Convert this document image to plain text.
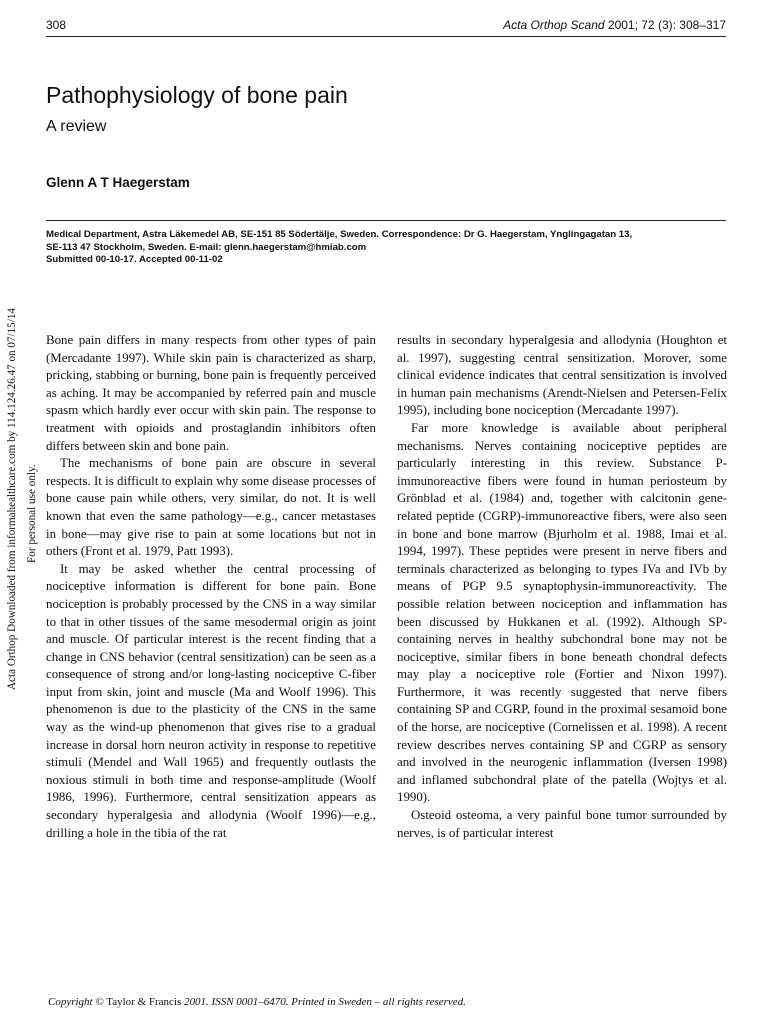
308	Acta Orthop Scand 2001; 72 (3): 308–317
Pathophysiology of bone pain
A review
Glenn A T Haegerstam
Medical Department, Astra Läkemedel AB, SE-151 85 Södertälje, Sweden. Correspondence: Dr G. Haegerstam, Ynglingagatan 13,
SE-113 47 Stockholm, Sweden. E-mail: glenn.haegerstam@hmiab.com
Submitted 00-10-17. Accepted 00-11-02
Acta Orthop Downloaded from informahealthcare.com by 114.124.26.47 on 07/15/14 For personal use only.

Bone pain differs in many respects from other types of pain (Mercadante 1997). While skin pain is characterized as sharp, pricking, stabbing or burning, bone pain is frequently perceived as aching. It may be accompanied by referred pain and muscle spasm which hardly ever occur with skin pain. The response to treatment with opioids and prostaglandin inhibitors often differs between skin and bone pain.

The mechanisms of bone pain are obscure in several respects. It is difficult to explain why some disease processes of bone cause pain while others, very similar, do not. It is well known that even the same pathology—e.g., cancer metastases in bone—may give rise to pain at some locations but not in others (Front et al. 1979, Patt 1993).

It may be asked whether the central processing of nociceptive information is different for bone pain. Bone nociception is probably processed by the CNS in a way similar to that in other tissues of the same mesodermal origin as joint and muscle. Of particular interest is the recent finding that a change in CNS behavior (central sensitization) can be seen as a consequence of strong and/or long-lasting nociceptive C-fiber input from skin, joint and muscle (Ma and Woolf 1996). This phenomenon is due to the plasticity of the CNS in the same way as the wind-up phenomenon that gives rise to a gradual increase in dorsal horn neuron activity in response to repetitive stimuli (Mendel and Wall 1965) and frequently outlasts the noxious stimuli in both time and response-amplitude (Woolf 1986, 1996). Furthermore, central sensitization appears as secondary hyperalgesia and allodynia (Woolf 1996)—e.g., drilling a hole in the tibia of the rat

results in secondary hyperalgesia and allodynia (Houghton et al. 1997), suggesting central sensitization. Morover, some clinical evidence indicates that central sensitization is involved in human pain mechanisms (Arendt-Nielsen and Petersen-Felix 1995), including bone nociception (Mercadante 1997).

Far more knowledge is available about peripheral mechanisms. Nerves containing nociceptive peptides are particularly interesting in this review. Substance P-immunoreactive fibers were found in human periosteum by Grönblad et al. (1984) and, together with calcitonin gene-related peptide (CGRP)-immunoreactive fibers, were also seen in bone and bone marrow (Bjurholm et al. 1988, Imai et al. 1994, 1997). These peptides were present in nerve fibers and terminals characterized as belonging to types IVa and IVb by means of PGP 9.5 synaptophysin-immunoreactivity. The possible relation between nociception and inflammation has been discussed by Hukkanen et al. (1992). Although SP-containing nerves in healthy subchondral bone may not be nociceptive, similar fibers in bone beneath chondral defects may play a nociceptive role (Fortier and Nixon 1997). Furthermore, it was recently suggested that nerve fibers containing SP and CGRP, found in the proximal sesamoid bone of the horse, are nociceptive (Cornelissen et al. 1998). A recent review describes nerves containing SP and CGRP as sensory and involved in the neurogenic inflammation (Iversen 1998) and inflamed subchondral plate of the patella (Wojtys et al. 1990).

Osteoid osteoma, a very painful bone tumor surrounded by nerves, is of particular interest

Copyright © Taylor & Francis 2001. ISSN 0001–6470. Printed in Sweden – all rights reserved.
